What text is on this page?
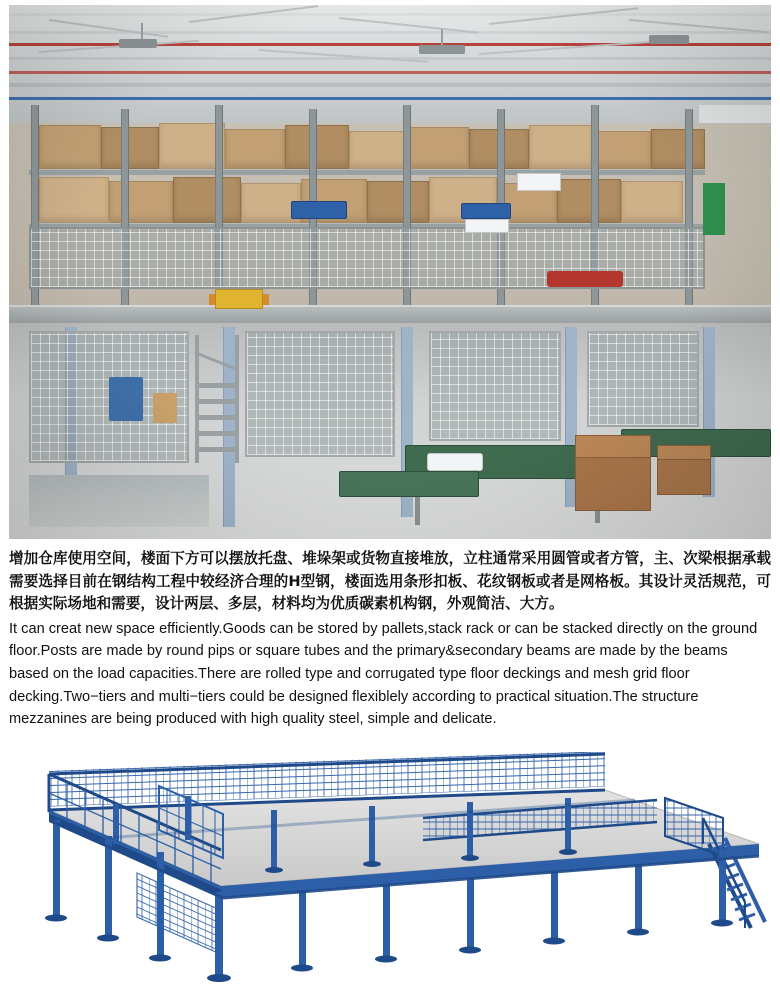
增加仓库使用空间，楼面下方可以摆放托盘、堆垛架或货物直接堆放，立柱通常采用圆管或者方管，主、次梁根据承载需要选择目前在钢结构工程中较经济合理的H型钢，楼面选用条形扣板、花纹钢板或者是网格板。其设计灵活规范，可根据实际场地和需要，设计两层、多层，材料均为优质碳素机构钢，外观简洁、大方。

It can creat new space efficiently.Goods can be stored by pallets,stack rack or can be stacked directly on the ground floor.Posts are made by round pips or square tubes and the primary&secondary beams are made by the beams based on the load capacities.There are rolled type and corrugated type floor deckings and mesh grid floor decking.Two−tiers and multi−tiers could be designed flexiblely according to practical situation.The structure mezzanines are being produced with high quality steel, simple and delicate.
